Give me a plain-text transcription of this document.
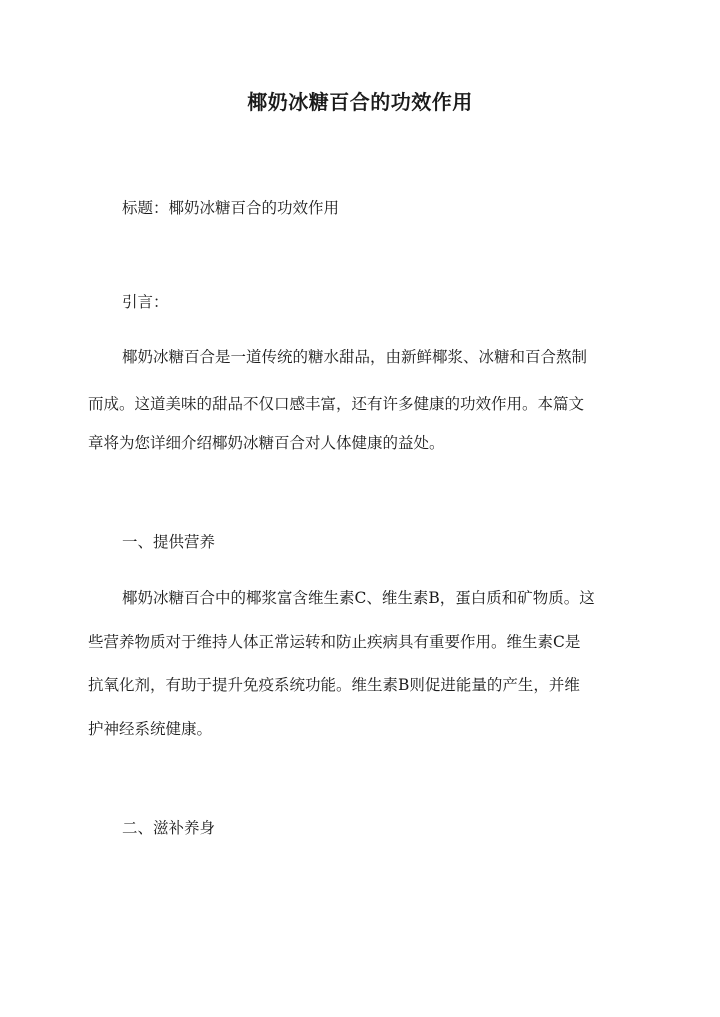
椰奶冰糖百合的功效作用
标题：椰奶冰糖百合的功效作用
引言：
椰奶冰糖百合是一道传统的糖水甜品，由新鲜椰浆、冰糖和百合熬制
而成。这道美味的甜品不仅口感丰富，还有许多健康的功效作用。本篇文
章将为您详细介绍椰奶冰糖百合对人体健康的益处。
一、提供营养
椰奶冰糖百合中的椰浆富含维生素C、维生素B，蛋白质和矿物质。这
些营养物质对于维持人体正常运转和防止疾病具有重要作用。维生素C是
抗氧化剂，有助于提升免疫系统功能。维生素B则促进能量的产生，并维
护神经系统健康。
二、滋补养身
